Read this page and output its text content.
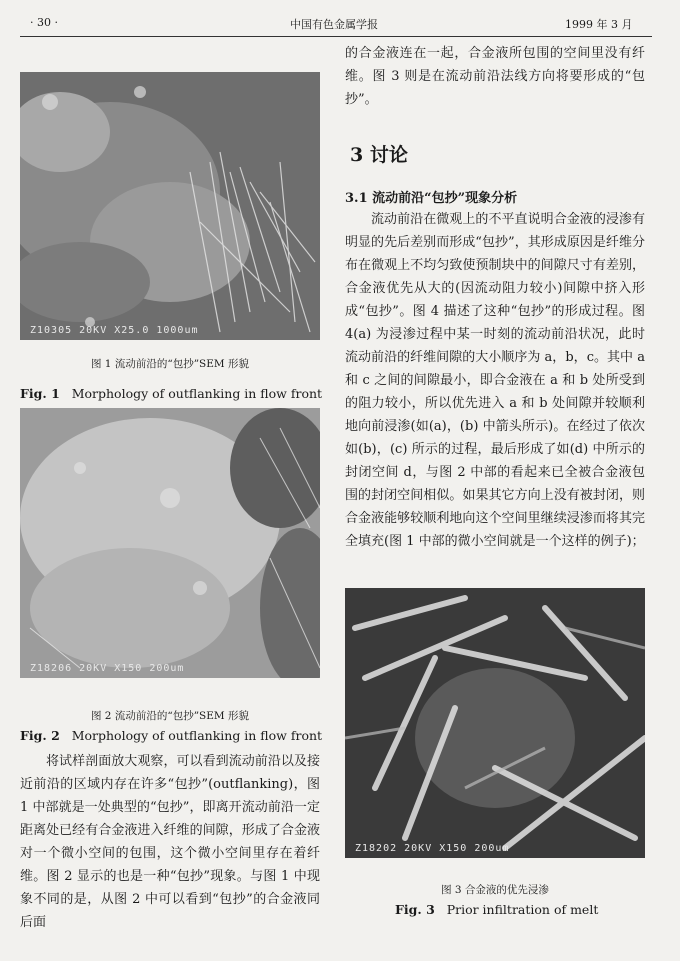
· 30 ·	中国有色金属学报	1999 年 3 月
Z10305 20KV X25.0 1000um
图 1 流动前沿的“包抄”SEM 形貌
Fig. 1 Morphology of outflanking in flow front
Z18206 20KV X150 200um
图 2 流动前沿的“包抄”SEM 形貌
Fig. 2 Morphology of outflanking in flow front

将试样剖面放大观察，可以看到流动前沿以及接近前沿的区域内存在许多“包抄”(outflanking)，图 1 中部就是一处典型的“包抄”，即离开流动前沿一定距离处已经有合金液进入纤维的间隙，形成了合金液对一个微小空间的包围，这个微小空间里存在着纤维。图 2 显示的也是一种“包抄”现象。与图 1 中现象不同的是，从图 2 中可以看到“包抄”的合金液同后面

的合金液连在一起，合金液所包围的空间里没有纤维。图 3 则是在流动前沿法线方向将要形成的“包抄”。

3 讨论
3.1 流动前沿“包抄”现象分析

流动前沿在微观上的不平直说明合金液的浸渗有明显的先后差别而形成“包抄”，其形成原因是纤维分布在微观上不均匀致使预制块中的间隙尺寸有差别，合金液优先从大的(因流动阻力较小)间隙中挤入形成“包抄”。图 4 描述了这种“包抄”的形成过程。图 4(a) 为浸渗过程中某一时刻的流动前沿状况，此时流动前沿的纤维间隙的大小顺序为 a，b，c。其中 a 和 c 之间的间隙最小，即合金液在 a 和 b 处所受到的阻力较小，所以优先进入 a 和 b 处间隙并较顺利地向前浸渗(如(a)，(b) 中箭头所示)。在经过了依次如(b)，(c) 所示的过程，最后形成了如(d) 中所示的封闭空间 d，与图 2 中部的看起来已全被合金液包围的封闭空间相似。如果其它方向上没有被封闭，则合金液能够较顺利地向这个空间里继续浸渗而将其完全填充(图 1 中部的微小空间就是一个这样的例子)；

Z18202 20KV X150 200um
图 3 合金液的优先浸渗
Fig. 3 Prior infiltration of melt
